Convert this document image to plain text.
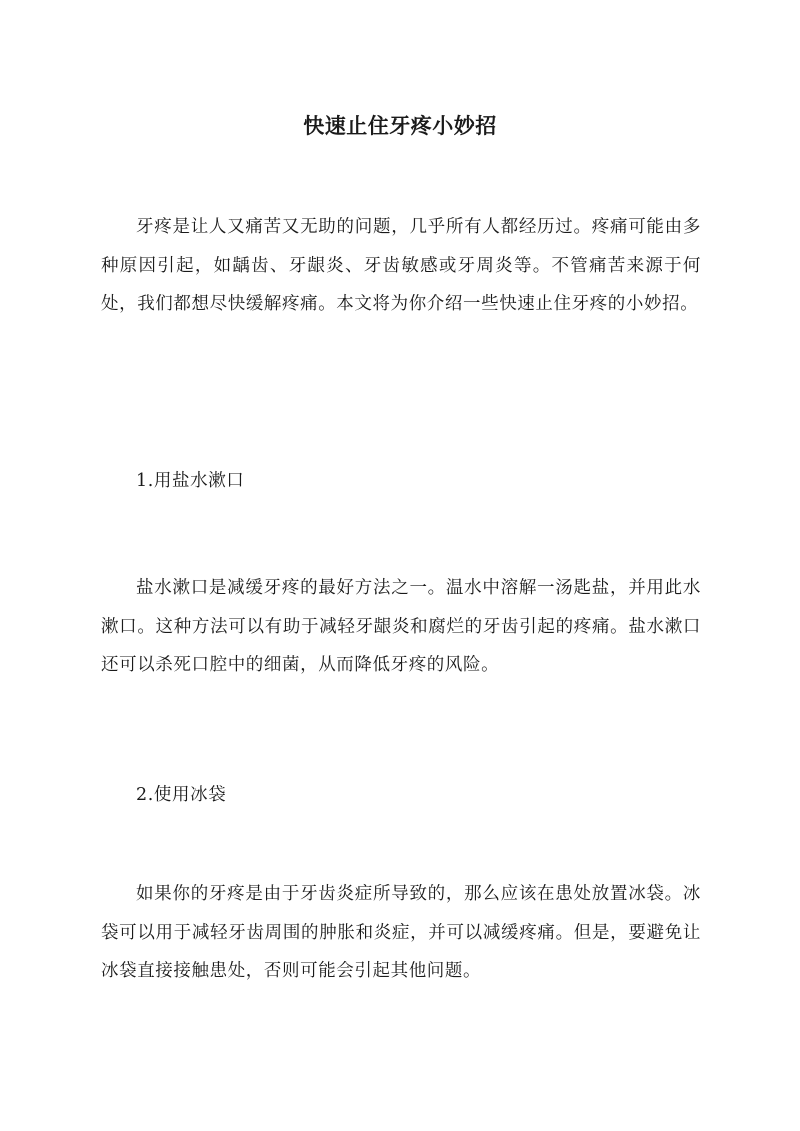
快速止住牙疼小妙招

牙疼是让人又痛苦又无助的问题，几乎所有人都经历过。疼痛可能由多种原因引起，如龋齿、牙龈炎、牙齿敏感或牙周炎等。不管痛苦来源于何处，我们都想尽快缓解疼痛。本文将为你介绍一些快速止住牙疼的小妙招。

1.用盐水漱口

盐水漱口是减缓牙疼的最好方法之一。温水中溶解一汤匙盐，并用此水漱口。这种方法可以有助于减轻牙龈炎和腐烂的牙齿引起的疼痛。盐水漱口还可以杀死口腔中的细菌，从而降低牙疼的风险。

2.使用冰袋

如果你的牙疼是由于牙齿炎症所导致的，那么应该在患处放置冰袋。冰袋可以用于减轻牙齿周围的肿胀和炎症，并可以减缓疼痛。但是，要避免让冰袋直接接触患处，否则可能会引起其他问题。
